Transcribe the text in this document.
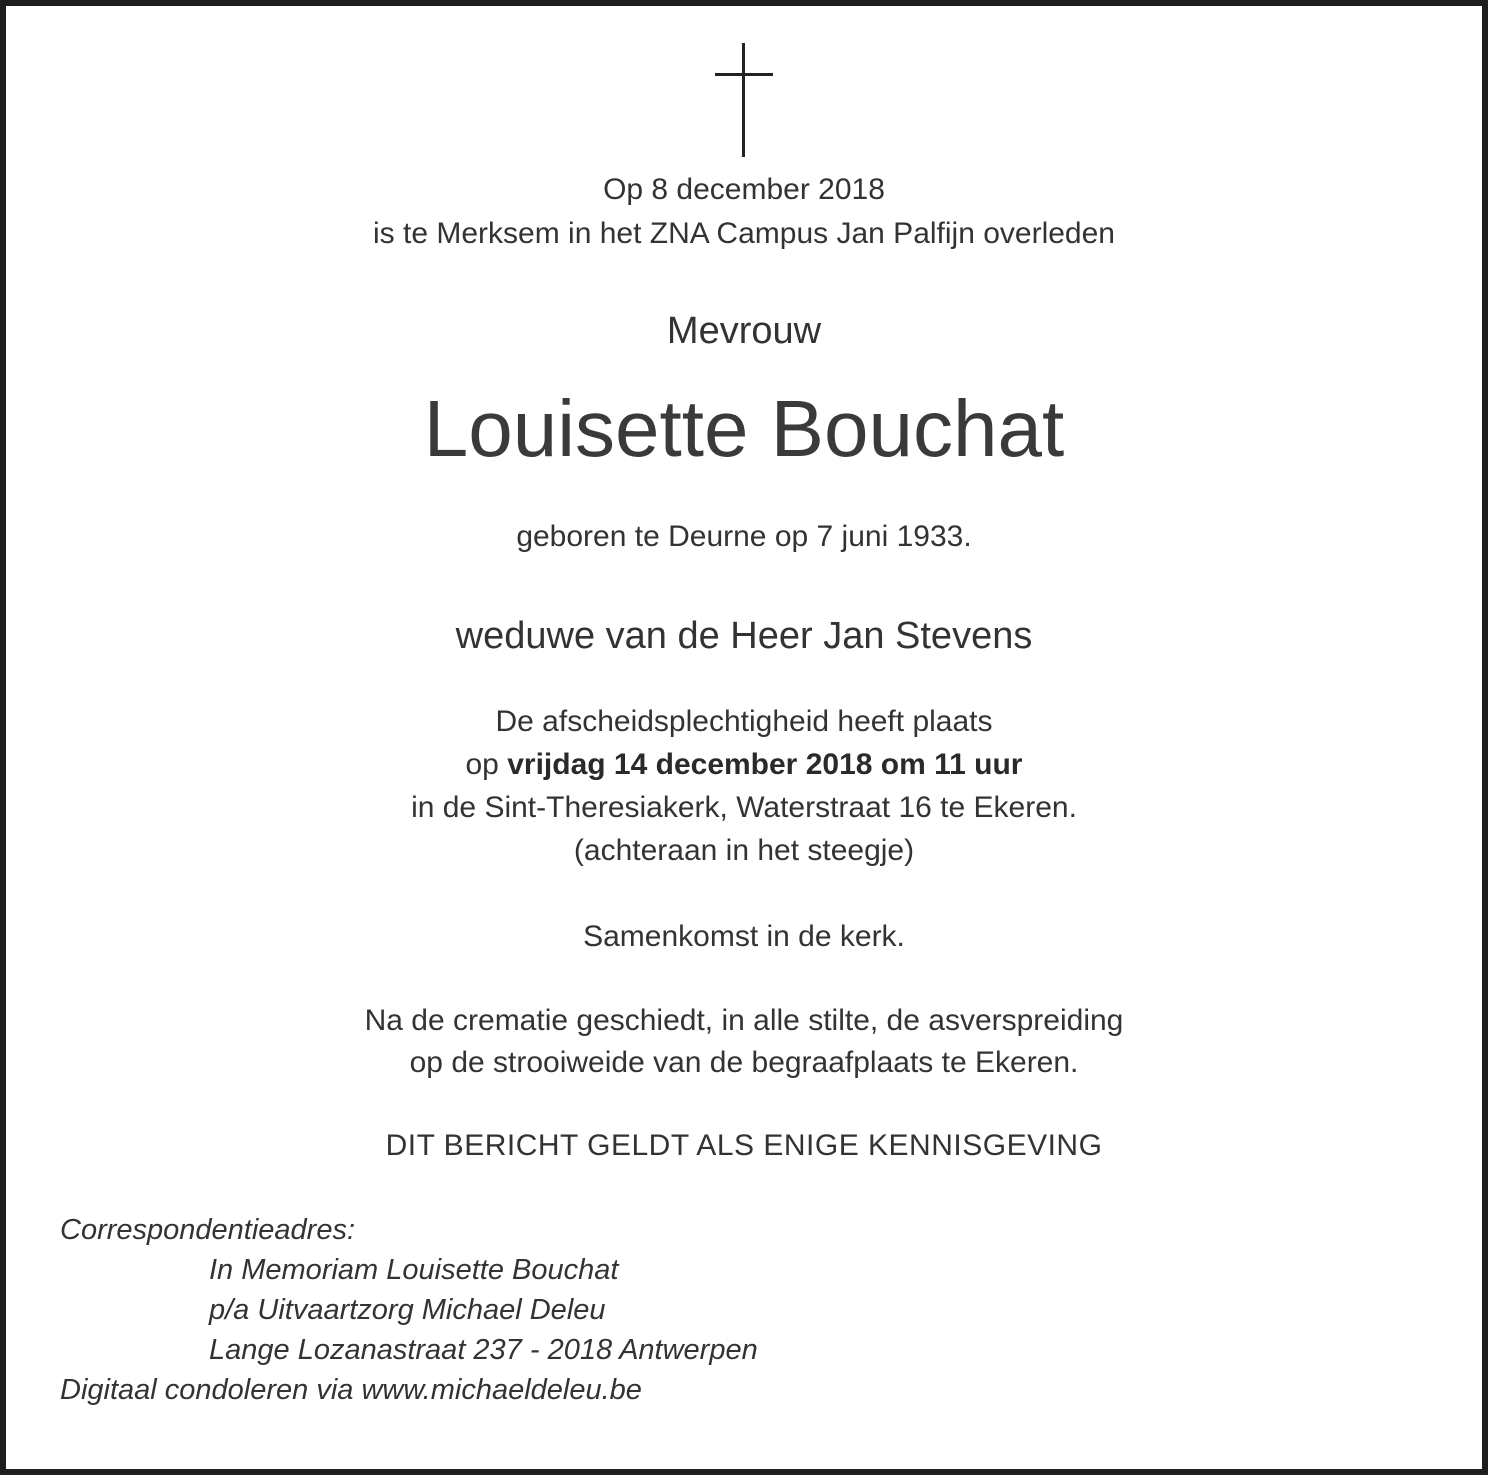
Op 8 december 2018
is te Merksem in het ZNA Campus Jan Palfijn overleden
Mevrouw
Louisette Bouchat
geboren te Deurne op 7 juni 1933.
weduwe van de Heer Jan Stevens
De afscheidsplechtigheid heeft plaats
op vrijdag 14 december 2018 om 11 uur
in de Sint-Theresiakerk, Waterstraat 16 te Ekeren.
(achteraan in het steegje)
Samenkomst in de kerk.
Na de crematie geschiedt, in alle stilte, de asverspreiding
op de strooiweide van de begraafplaats te Ekeren.
DIT BERICHT GELDT ALS ENIGE KENNISGEVING
Correspondentieadres:
In Memoriam Louisette Bouchat
p/a Uitvaartzorg Michael Deleu
Lange Lozanastraat 237 - 2018 Antwerpen
Digitaal condoleren via www.michaeldeleu.be
